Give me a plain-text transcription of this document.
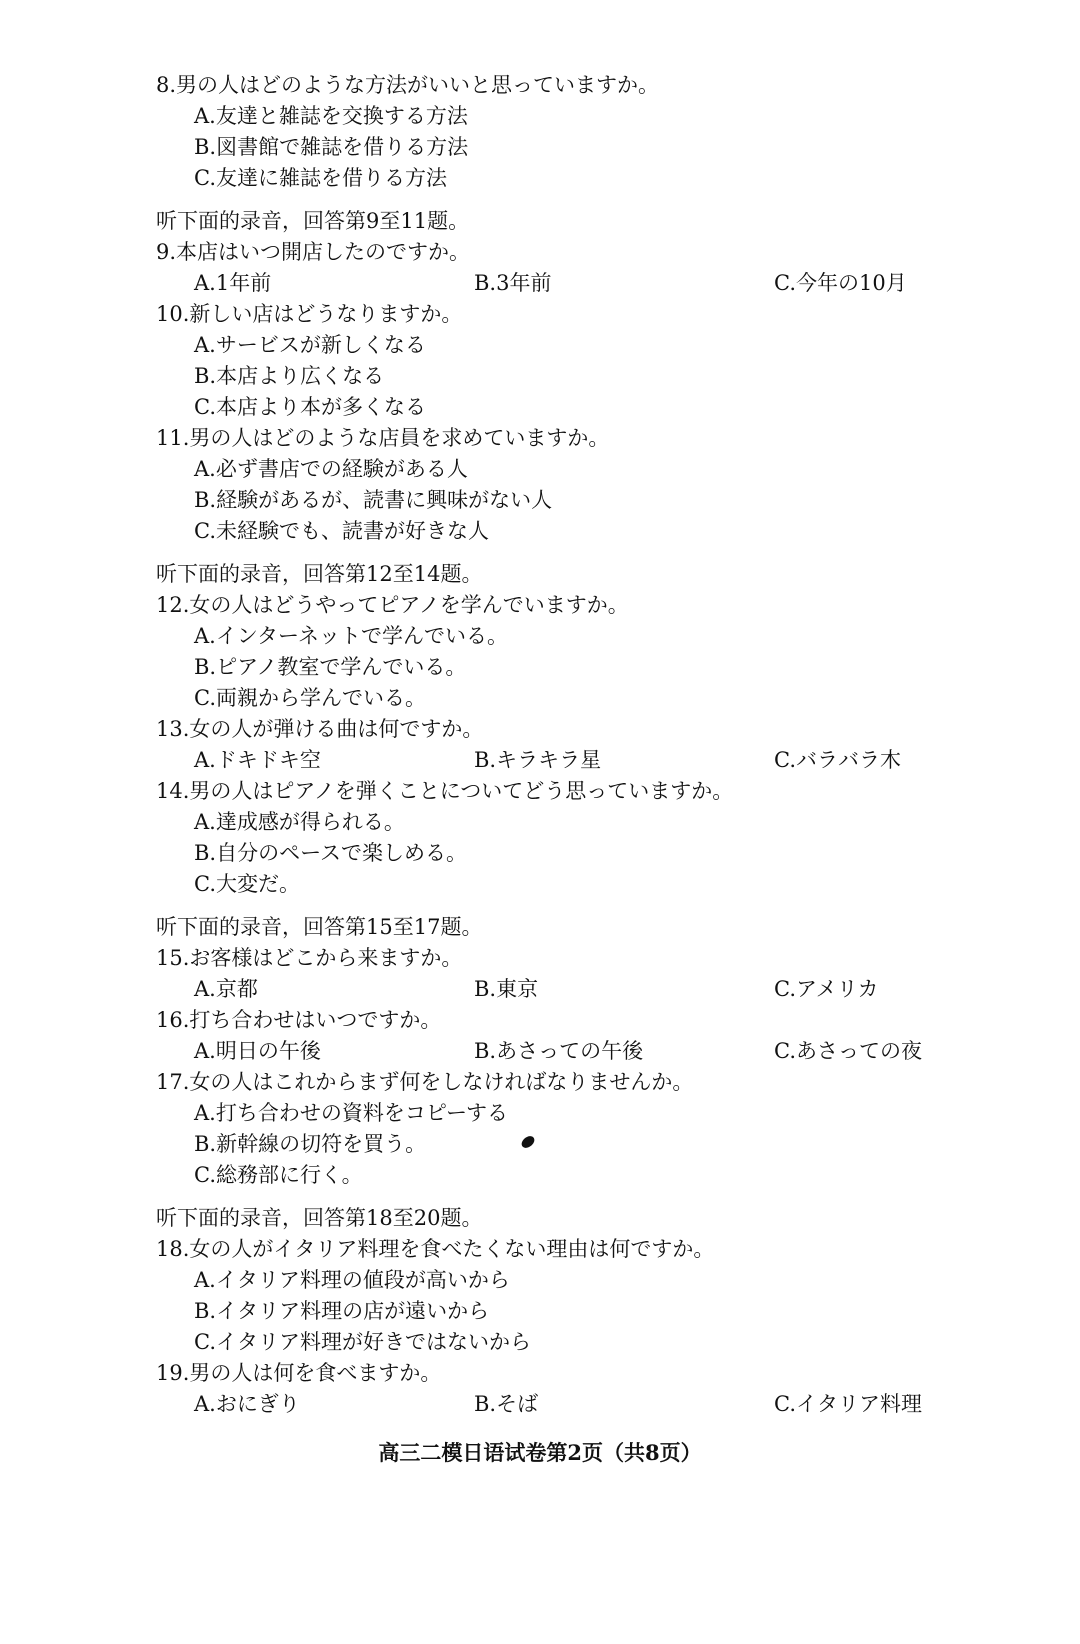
8.男の人はどのような方法がいいと思っていますか。
A.友達と雑誌を交換する方法
B.図書館で雑誌を借りる方法
C.友達に雑誌を借りる方法
听下面的录音，回答第9至11题。
9.本店はいつ開店したのですか。
A.1年前	B.3年前	C.今年の10月
10.新しい店はどうなりますか。
A.サービスが新しくなる
B.本店より広くなる
C.本店より本が多くなる
11.男の人はどのような店員を求めていますか。
A.必ず書店での経験がある人
B.経験があるが、読書に興味がない人
C.未経験でも、読書が好きな人
听下面的录音，回答第12至14题。
12.女の人はどうやってピアノを学んでいますか。
A.インターネットで学んでいる。
B.ピアノ教室で学んでいる。
C.両親から学んでいる。
13.女の人が弾ける曲は何ですか。
A.ドキドキ空	B.キラキラ星	C.バラバラ木
14.男の人はピアノを弾くことについてどう思っていますか。
A.達成感が得られる。
B.自分のペースで楽しめる。
C.大変だ。
听下面的录音，回答第15至17题。
15.お客様はどこから来ますか。
A.京都	B.東京	C.アメリカ
16.打ち合わせはいつですか。
A.明日の午後	B.あさっての午後	C.あさっての夜
17.女の人はこれからまず何をしなければなりませんか。
A.打ち合わせの資料をコピーする
B.新幹線の切符を買う。
C.総務部に行く。
听下面的录音，回答第18至20题。
18.女の人がイタリア料理を食べたくない理由は何ですか。
A.イタリア料理の値段が高いから
B.イタリア料理の店が遠いから
C.イタリア料理が好きではないから
19.男の人は何を食べますか。
A.おにぎり	B.そば	C.イタリア料理
高三二模日语试卷第2页（共8页）
